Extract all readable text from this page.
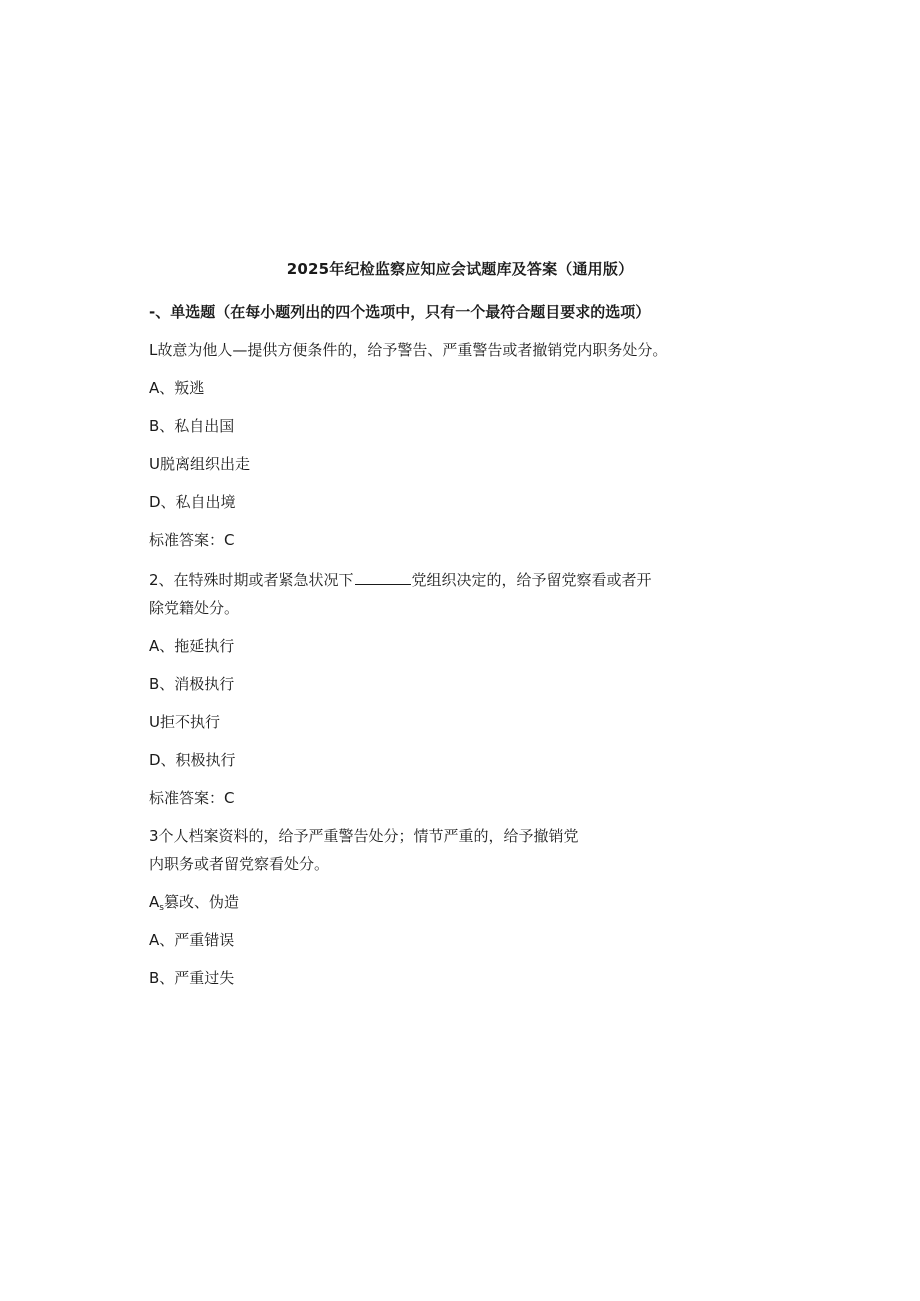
2025年纪检监察应知应会试题库及答案（通用版）
-、单选题（在每小题列出的四个选项中，只有一个最符合题目要求的选项）
L故意为他人—提供方便条件的，给予警告、严重警告或者撤销党内职务处分。
A、叛逃
B、私自出国
U脱离组织出走
D、私自出境
标准答案：C
2、在特殊时期或者紧急状况下	党组织决定的，给予留党察看或者开
除党籍处分。
A、拖延执行
B、消极执行
U拒不执行
D、积极执行
标准答案：C
3个人档案资料的，给予严重警告处分；情节严重的，给予撤销党
内职务或者留党察看处分。
$A_s$篡改、伪造
A、严重错误
B、严重过失
